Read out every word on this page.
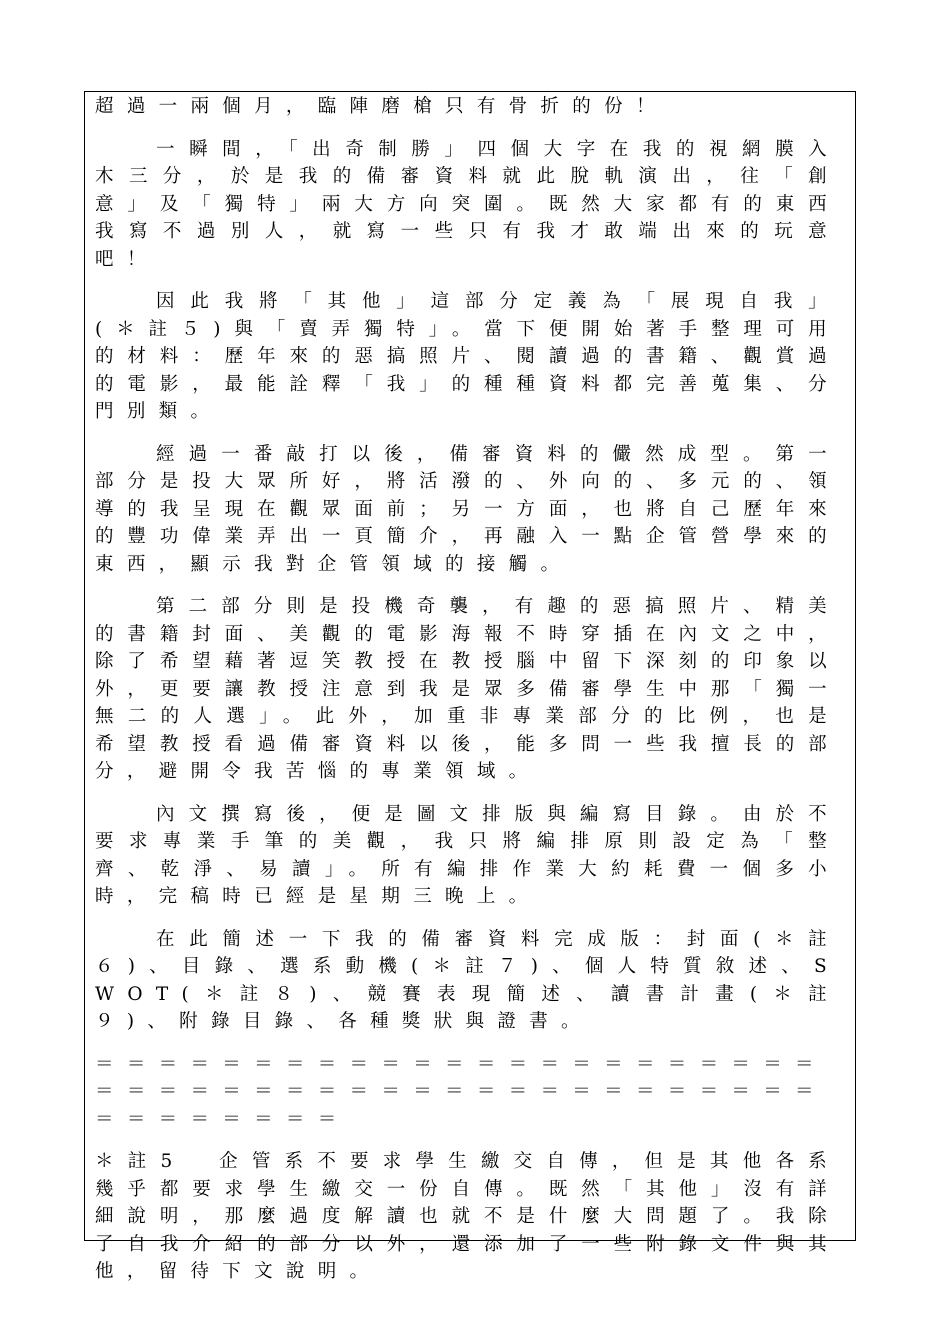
超過一兩個月，臨陣磨槍只有骨折的份！

一瞬間，「出奇制勝」四個大字在我的視網膜入木三分，於是我的備審資料就此脫軌演出，往「創意」及「獨特」兩大方向突圍。既然大家都有的東西我寫不過別人，就寫一些只有我才敢端出來的玩意吧！

因此我將「其他」這部分定義為「展現自我」(＊註５)與「賣弄獨特」。當下便開始著手整理可用的材料：歷年來的惡搞照片、閱讀過的書籍、觀賞過的電影，最能詮釋「我」的種種資料都完善蒐集、分門別類。

經過一番敲打以後，備審資料的儼然成型。第一部分是投大眾所好，將活潑的、外向的、多元的、領導的我呈現在觀眾面前；另一方面，也將自己歷年來的豐功偉業弄出一頁簡介，再融入一點企管營學來的東西，顯示我對企管領域的接觸。

第二部分則是投機奇襲，有趣的惡搞照片、精美的書籍封面、美觀的電影海報不時穿插在內文之中，除了希望藉著逗笑教授在教授腦中留下深刻的印象以外，更要讓教授注意到我是眾多備審學生中那「獨一無二的人選」。此外，加重非專業部分的比例，也是希望教授看過備審資料以後，能多問一些我擅長的部分，避開令我苦惱的專業領域。

內文撰寫後，便是圖文排版與編寫目錄。由於不要求專業手筆的美觀，我只將編排原則設定為「整齊、乾淨、易讀」。所有編排作業大約耗費一個多小時，完稿時已經是星期三晚上。

在此簡述一下我的備審資料完成版：封面(＊註６)、目錄、選系動機(＊註７)、個人特質敘述、SWOT(＊註８)、競賽表現簡述、讀書計畫(＊註９)、附錄目錄、各種獎狀與證書。

＝＝＝＝＝＝＝＝＝＝＝＝＝＝＝＝＝＝＝＝＝＝＝＝＝＝＝＝＝＝＝＝＝＝＝＝＝＝＝＝＝＝＝＝＝＝＝＝＝＝＝＝＝＝

＊註5　企管系不要求學生繳交自傳，但是其他各系幾乎都要求學生繳交一份自傳。既然「其他」沒有詳細說明，那麼過度解讀也就不是什麼大問題了。我除了自我介紹的部分以外，還添加了一些附錄文件與其他，留待下文說明。
